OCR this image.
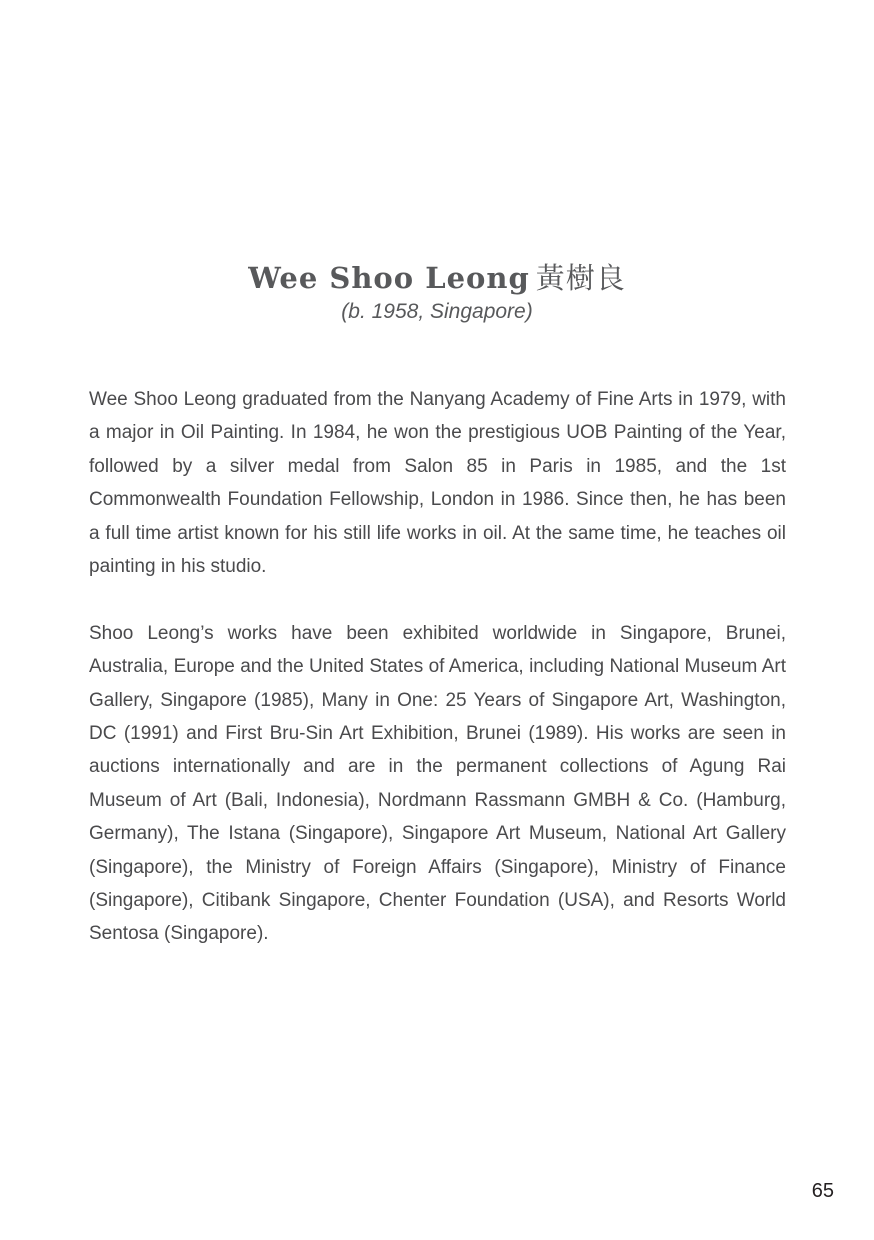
Wee Shoo Leong 黃樹良
(b. 1958, Singapore)

Wee Shoo Leong graduated from the Nanyang Academy of Fine Arts in 1979, with a major in Oil Painting. In 1984, he won the prestigious UOB Painting of the Year, followed by a silver medal from Salon 85 in Paris in 1985, and the 1st Commonwealth Foundation Fellowship, London in 1986. Since then, he has been a full time artist known for his still life works in oil. At the same time, he teaches oil painting in his studio.

Shoo Leong’s works have been exhibited worldwide in Singapore, Brunei, Australia, Europe and the United States of America, including National Museum Art Gallery, Singapore (1985), Many in One: 25 Years of Singapore Art, Washington, DC (1991) and First Bru-Sin Art Exhibition, Brunei (1989). His works are seen in auctions internationally and are in the permanent collections of Agung Rai Museum of Art (Bali, Indonesia), Nordmann Rassmann GMBH & Co. (Hamburg, Germany), The Istana (Singapore), Singapore Art Museum, National Art Gallery (Singapore), the Ministry of Foreign Affairs (Singapore), Ministry of Finance (Singapore), Citibank Singapore, Chenter Foundation (USA), and Resorts World Sentosa (Singapore).

65
